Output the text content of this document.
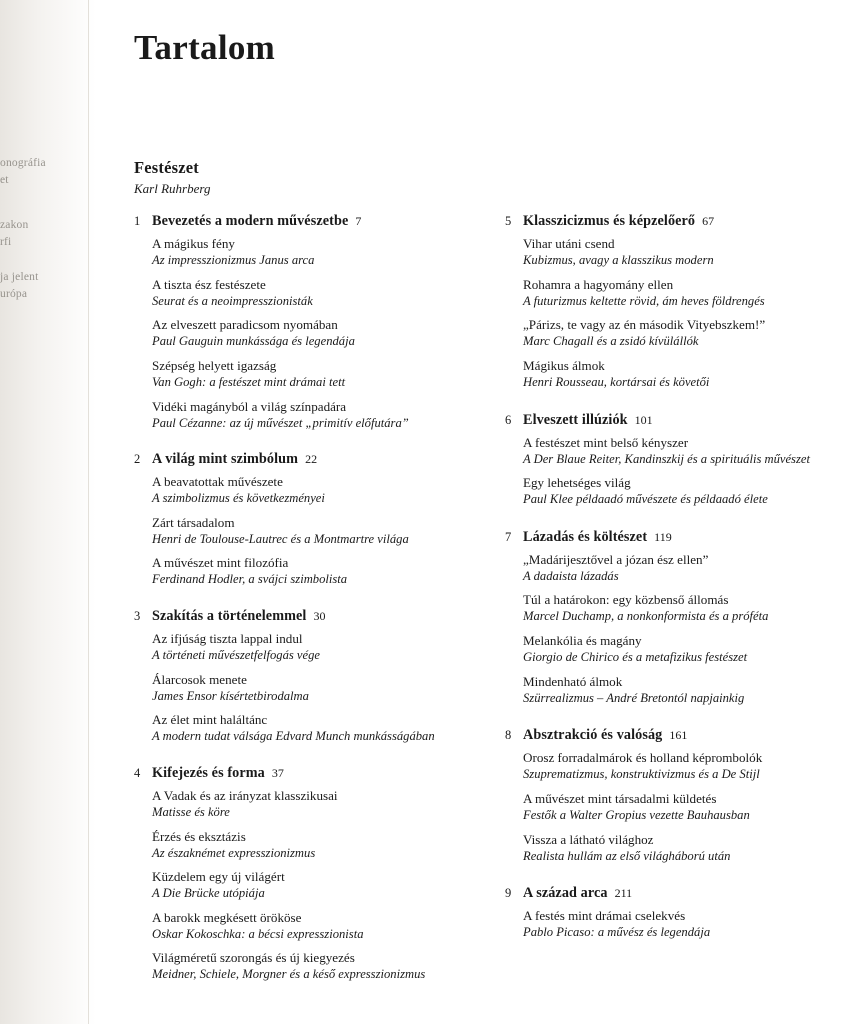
onográfia
et
zakon
rfi
ja jelent
urópa
Tartalom
Festészet
Karl Ruhrberg
1 Bevezetés a modern művészetbe 7
A mágikus fény
Az impresszionizmus Janus arca
A tiszta ész festészete
Seurat és a neoimpresszionisták
Az elveszett paradicsom nyomában
Paul Gauguin munkássága és legendája
Szépség helyett igazság
Van Gogh: a festészet mint drámai tett
Vidéki magányból a világ színpadára
Paul Cézanne: az új művészet „primitív előfutára”
2 A világ mint szimbólum 22
A beavatottak művészete
A szimbolizmus és következményei
Zárt társadalom
Henri de Toulouse-Lautrec és a Montmartre világa
A művészet mint filozófia
Ferdinand Hodler, a svájci szimbolista
3 Szakítás a történelemmel 30
Az ifjúság tiszta lappal indul
A történeti művészetfelfogás vége
Álarcosok menete
James Ensor kísértetbirodalma
Az élet mint haláltánc
A modern tudat válsága Edvard Munch munkásságában
4 Kifejezés és forma 37
A Vadak és az irányzat klasszikusai
Matisse és köre
Érzés és eksztázis
Az északnémet expresszionizmus
Küzdelem egy új világért
A Die Brücke utópiája
A barokk megkésett örököse
Oskar Kokoschka: a bécsi expresszionista
Világméretű szorongás és új kiegyezés
Meidner, Schiele, Morgner és a késő expresszionizmus
5 Klasszicizmus és képzelőerő 67
Vihar utáni csend
Kubizmus, avagy a klasszikus modern
Rohamra a hagyomány ellen
A futurizmus keltette rövid, ám heves földrengés
„Párizs, te vagy az én második Vityebszkem!”
Marc Chagall és a zsidó kívülállók
Mágikus álmok
Henri Rousseau, kortársai és követői
6 Elveszett illúziók 101
A festészet mint belső kényszer
A Der Blaue Reiter, Kandinszkij és a spirituális művészet
Egy lehetséges világ
Paul Klee példaadó művészete és példaadó élete
7 Lázadás és költészet 119
„Madárijesztővel a józan ész ellen”
A dadaista lázadás
Túl a határokon: egy közbenső állomás
Marcel Duchamp, a nonkonformista és a próféta
Melankólia és magány
Giorgio de Chirico és a metafizikus festészet
Mindenható álmok
Szürrealizmus – André Bretontól napjainkig
8 Absztrakció és valóság 161
Orosz forradalmárok és holland képrombolók
Szuprematizmus, konstruktivizmus és a De Stijl
A művészet mint társadalmi küldetés
Festők a Walter Gropius vezette Bauhausban
Vissza a látható világhoz
Realista hullám az első világháború után
9 A század arca 211
A festés mint drámai cselekvés
Pablo Picaso: a művész és legendája
